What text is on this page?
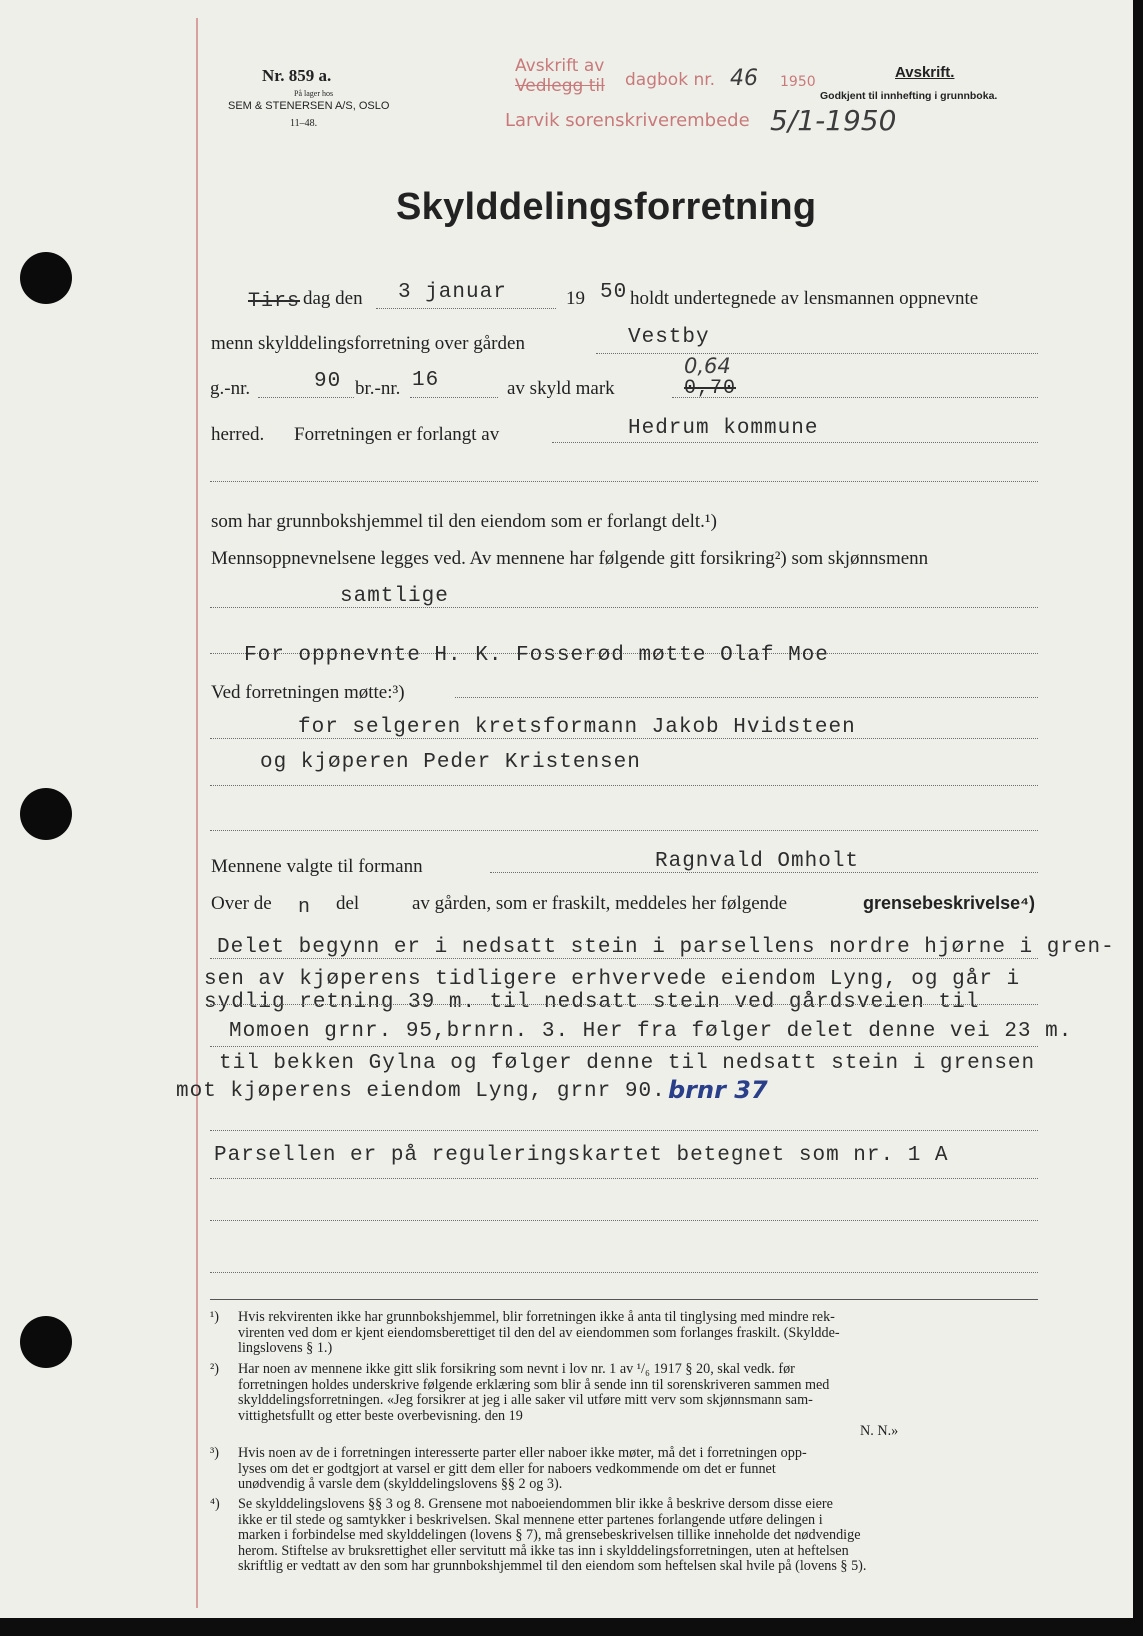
Nr. 859 a.
På lager hos
SEM & STENERSEN A/S, OSLO
11–48.
Avskrift av
Vedlegg til dagbok nr. 46 1950
Larvik sorenskriverembede 5/1-1950
Avskrift.
Godkjent til innhefting i grunnboka.
Skylddelingsforretning
Tirs dag den 3 januar	19 50 holdt undertegnede av lensmannen oppnevnte
menn skylddelingsforretning over gården	Vestby
g.-nr.	90 br.-nr. 16	av skyld mark
0,64
0,70
herred. Forretningen er forlangt av	Hedrum kommune
som har grunnbokshjemmel til den eiendom som er forlangt delt.¹)
Mennsoppnevnelsene legges ved. Av mennene har følgende gitt forsikring²) som skjønnsmenn
samtlige
For oppnevnte H. K. Fosserød møtte Olaf Moe
Ved forretningen møtte:³)
for selgeren kretsformann Jakob Hvidsteen
og kjøperen Peder Kristensen
Mennene valgte til formann	Ragnvald Omholt
Over de n del	av gården, som er fraskilt, meddeles her følgende	grensebeskrivelse⁴)
Delet begynn er i nedsatt stein i parsellens nordre hjørne i gren-
sen av kjøperens tidligere erhvervede eiendom Lyng, og går i
sydlig retning 39 m. til nedsatt stein ved gårdsveien til
Momoen grnr. 95,brnrn. 3. Her fra følger delet denne vei 23 m.
til bekken Gylna og følger denne til nedsatt stein i grensen
mot kjøperens eiendom Lyng, grnr 90. brnr 37
Parsellen er på reguleringskartet betegnet som nr. 1 A
¹) Hvis rekvirenten ikke har grunnbokshjemmel, blir forretningen ikke å anta til tinglysing med mindre rek-
virenten ved dom er kjent eiendomsberettiget til den del av eiendommen som forlanges fraskilt. (Skyldde-
lingslovens § 1.)
²) Har noen av mennene ikke gitt slik forsikring som nevnt i lov nr. 1 av ¹/₆ 1917 § 20, skal vedk. før
forretningen holdes underskrive følgende erklæring som blir å sende inn til sorenskriveren sammen med
skylddelingsforretningen. «Jeg forsikrer at jeg i alle saker vil utføre mitt verv som skjønnsmann sam-
vittighetsfullt og etter beste overbevisning. den 19
N. N.»
³) Hvis noen av de i forretningen interesserte parter eller naboer ikke møter, må det i forretningen opp-
lyses om det er godtgjort at varsel er gitt dem eller for naboers vedkommende om det er funnet
unødvendig å varsle dem (skylddelingslovens §§ 2 og 3).
⁴) Se skylddelingslovens §§ 3 og 8. Grensene mot naboeiendommen blir ikke å beskrive dersom disse eiere
ikke er til stede og samtykker i beskrivelsen. Skal mennene etter partenes forlangende utføre delingen i
marken i forbindelse med skylddelingen (lovens § 7), må grensebeskrivelsen tillike inneholde det nødvendige
herom. Stiftelse av bruksrettighet eller servitutt må ikke tas inn i skylddelingsforretningen, uten at heftelsen
skriftlig er vedtatt av den som har grunnbokshjemmel til den eiendom som heftelsen skal hvile på (lovens § 5).
